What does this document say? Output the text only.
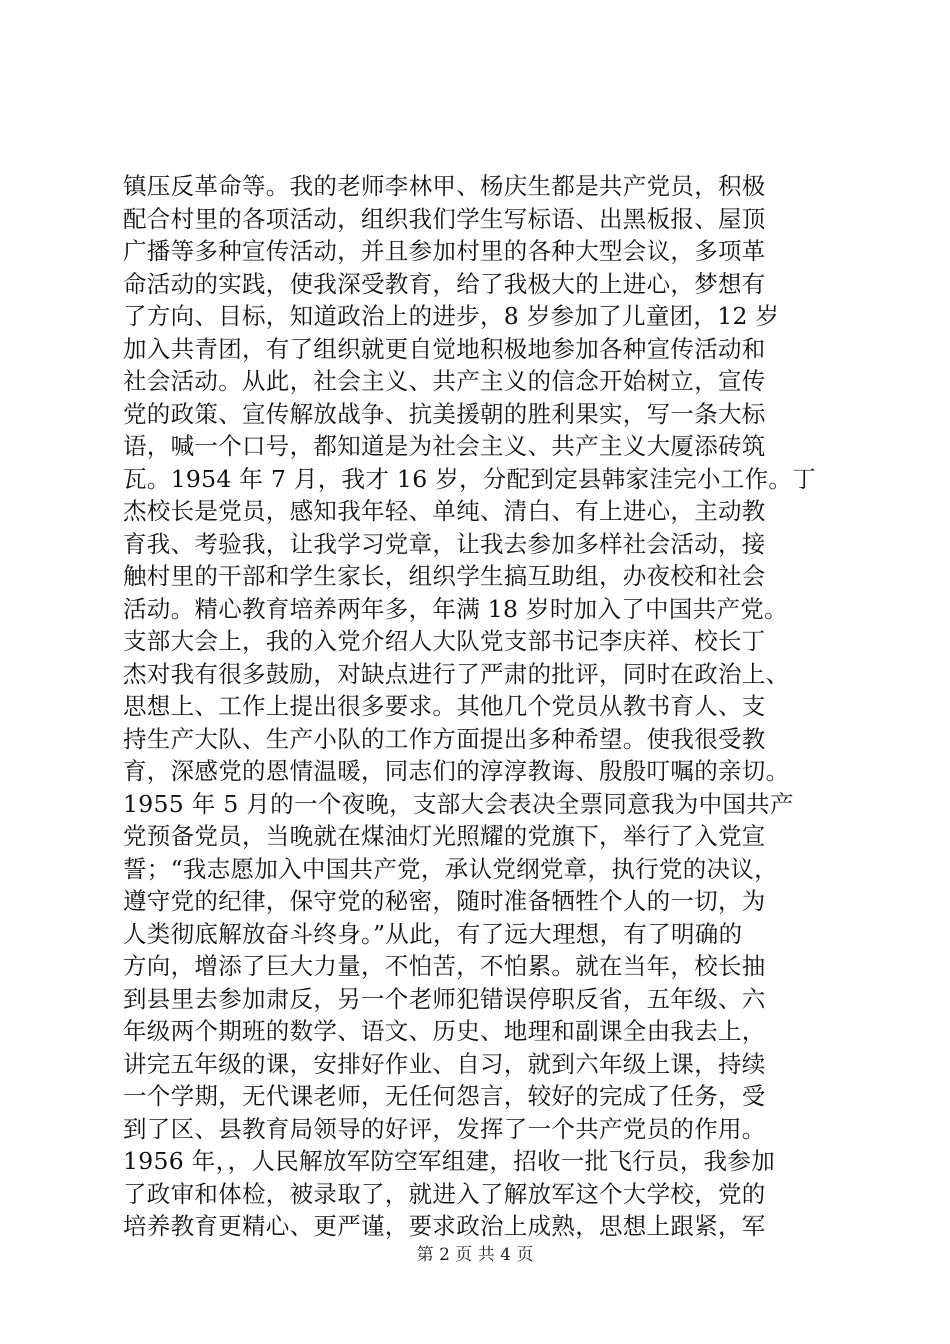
镇压反革命等。我的老师李林甲、杨庆生都是共产党员，积极
配合村里的各项活动，组织我们学生写标语、出黑板报、屋顶
广播等多种宣传活动，并且参加村里的各种大型会议，多项革
命活动的实践，使我深受教育，给了我极大的上进心，梦想有
了方向、目标，知道政治上的进步，8 岁参加了儿童团，12 岁
加入共青团，有了组织就更自觉地积极地参加各种宣传活动和
社会活动。从此，社会主义、共产主义的信念开始树立，宣传
党的政策、宣传解放战争、抗美援朝的胜利果实，写一条大标
语，喊一个口号，都知道是为社会主义、共产主义大厦添砖筑
瓦。1954 年 7 月，我才 16 岁，分配到定县韩家洼完小工作。丁
杰校长是党员，感知我年轻、单纯、清白、有上进心，主动教
育我、考验我，让我学习党章，让我去参加多样社会活动，接
触村里的干部和学生家长，组织学生搞互助组，办夜校和社会
活动。精心教育培养两年多，年满 18 岁时加入了中国共产党。
支部大会上，我的入党介绍人大队党支部书记李庆祥、校长丁
杰对我有很多鼓励，对缺点进行了严肃的批评，同时在政治上、
思想上、工作上提出很多要求。其他几个党员从教书育人、支
持生产大队、生产小队的工作方面提出多种希望。使我很受教
育，深感党的恩情温暖，同志们的淳淳教诲、殷殷叮嘱的亲切。
1955 年 5 月的一个夜晚，支部大会表决全票同意我为中国共产
党预备党员，当晚就在煤油灯光照耀的党旗下，举行了入党宣
誓；“我志愿加入中国共产党，承认党纲党章，执行党的决议，
遵守党的纪律，保守党的秘密，随时准备牺牲个人的一切，为
人类彻底解放奋斗终身。”从此，有了远大理想，有了明确的
方向，增添了巨大力量，不怕苦，不怕累。就在当年，校长抽
到县里去参加肃反，另一个老师犯错误停职反省，五年级、六
年级两个期班的数学、语文、历史、地理和副课全由我去上，
讲完五年级的课，安排好作业、自习，就到六年级上课，持续
一个学期，无代课老师，无任何怨言，较好的完成了任务，受
到了区、县教育局领导的好评，发挥了一个共产党员的作用。
1956 年，，人民解放军防空军组建，招收一批飞行员，我参加
了政审和体检，被录取了，就进入了解放军这个大学校，党的
培养教育更精心、更严谨，要求政治上成熟，思想上跟紧，军
第 2 页 共 4 页
